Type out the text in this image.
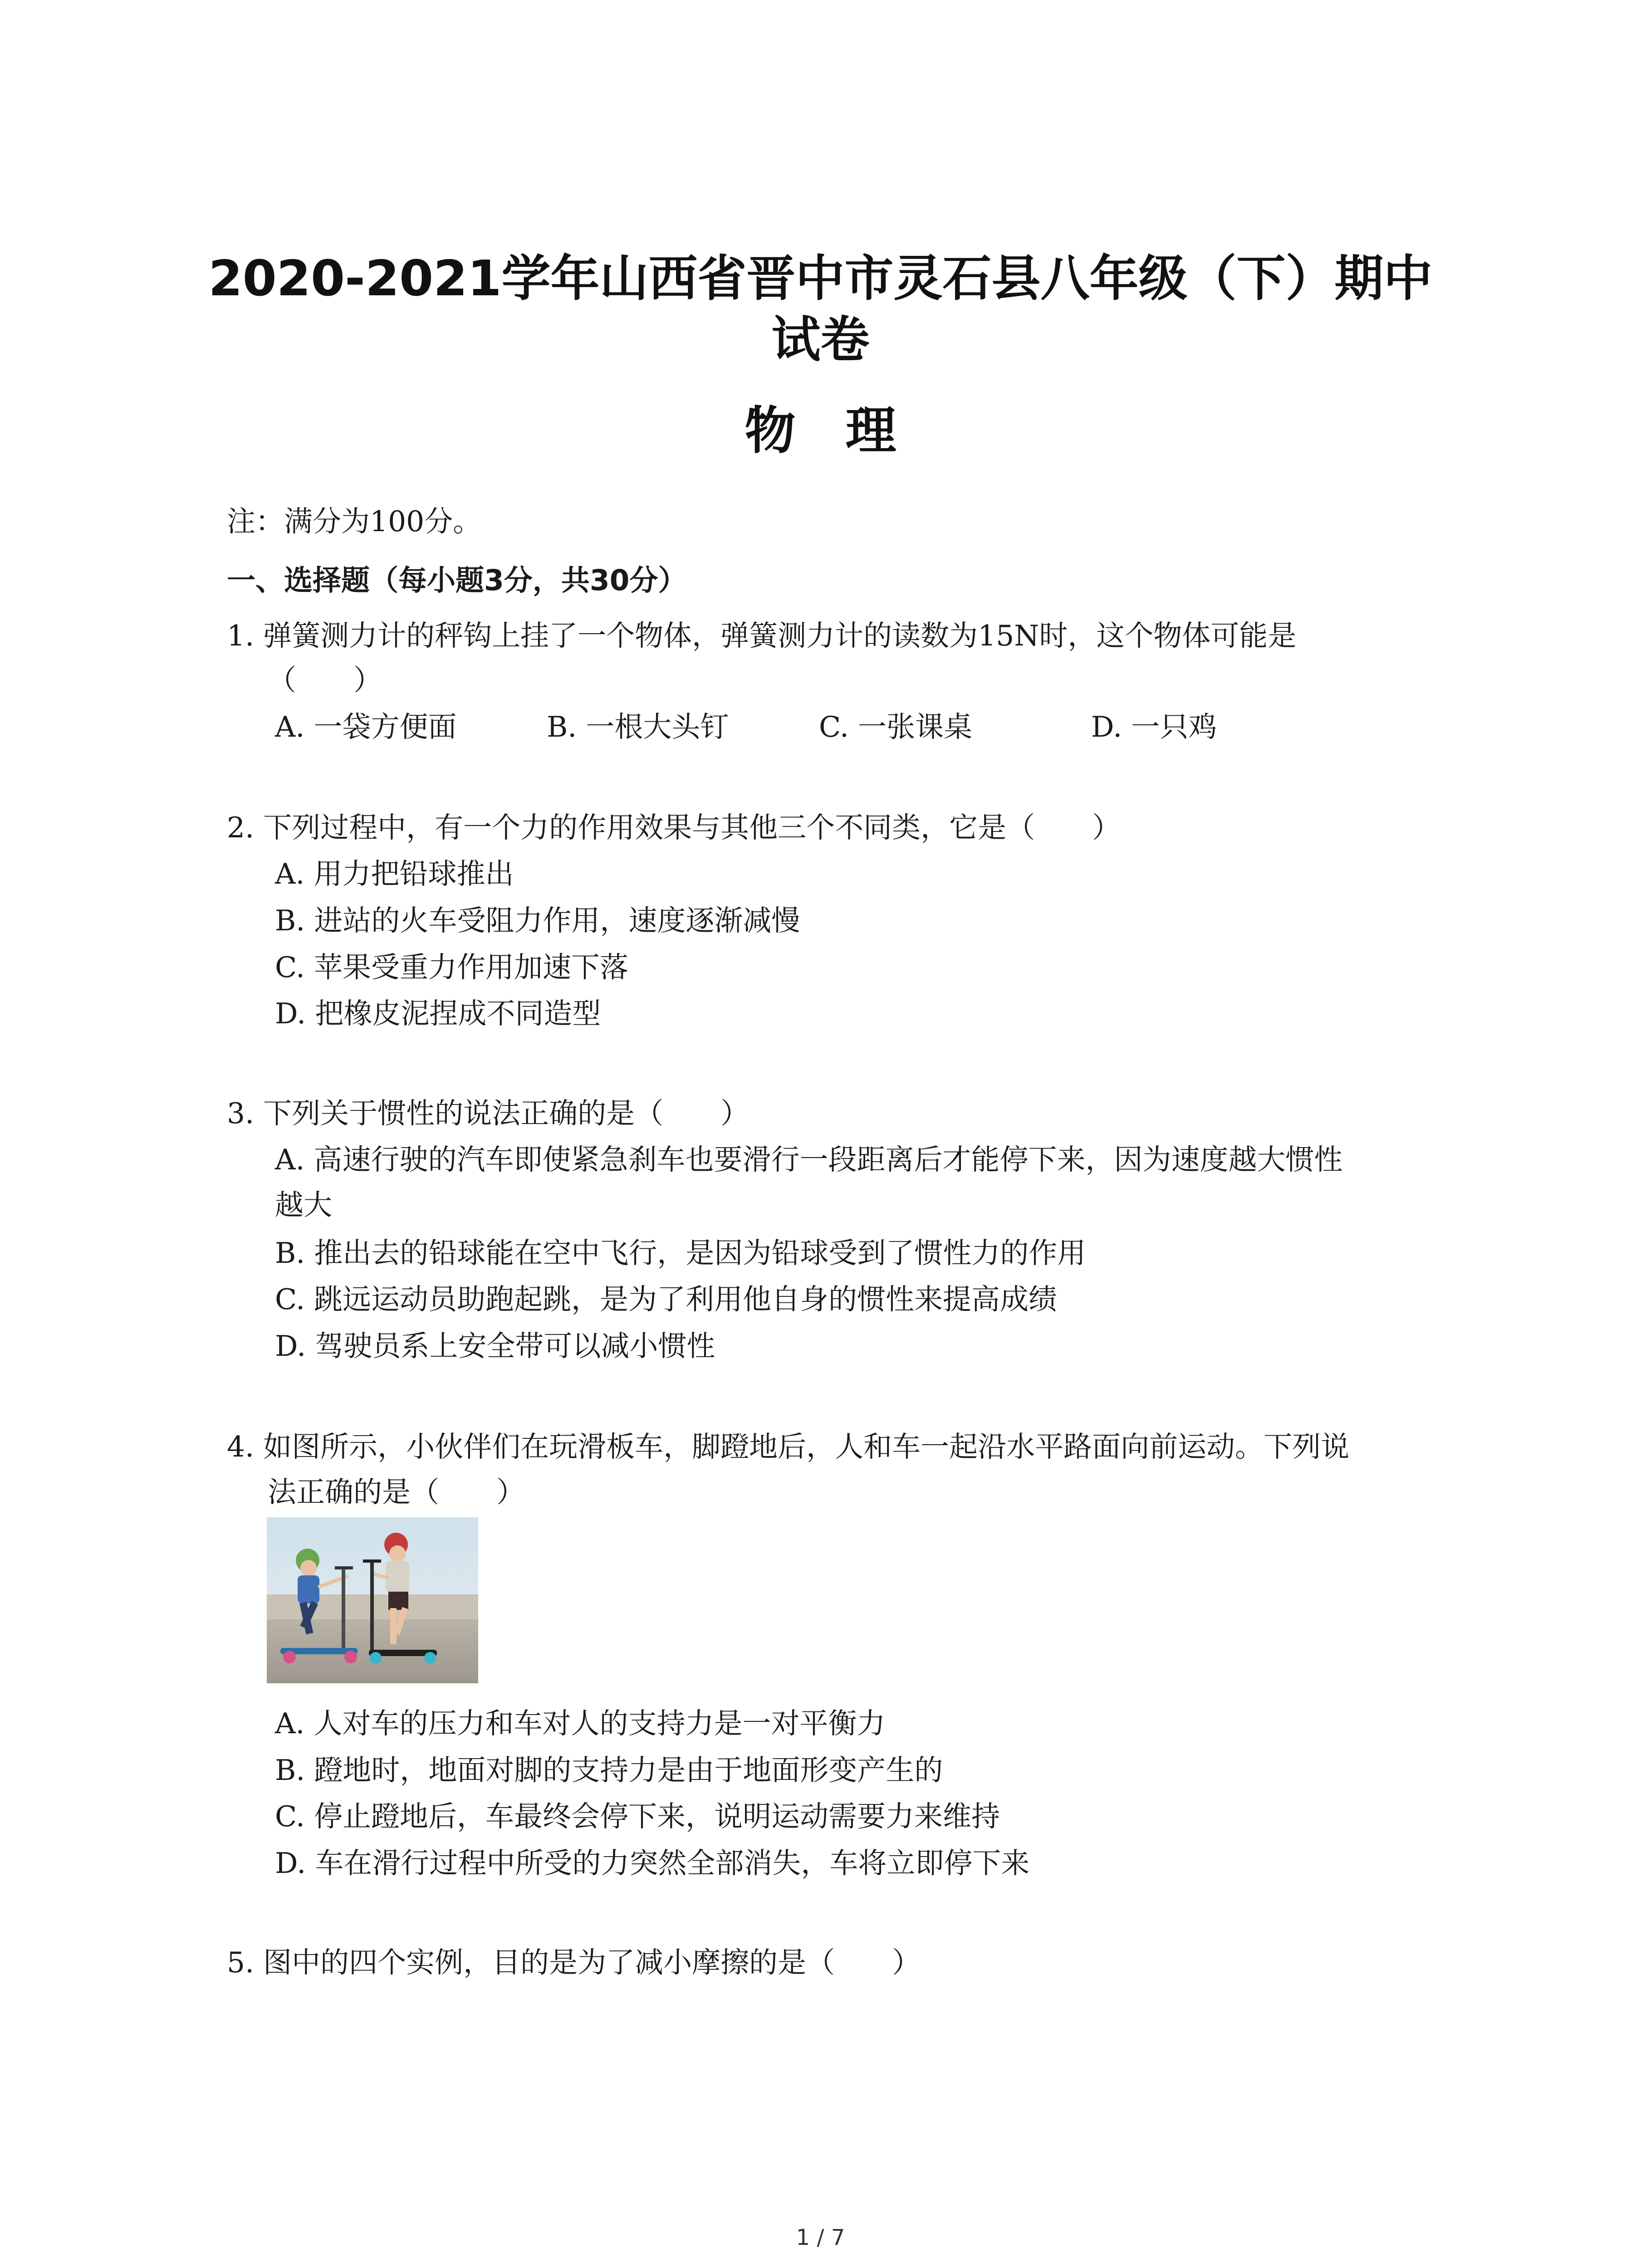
2020-2021学年山西省晋中市灵石县八年级（下）期中
试卷
物理
注：满分为100分。
一、选择题（每小题3分，共30分）
1. 弹簧测力计的秤钩上挂了一个物体，弹簧测力计的读数为15N时，这个物体可能是
（　　）
A. 一袋方便面	B. 一根大头钉	C. 一张课桌	D. 一只鸡
2. 下列过程中，有一个力的作用效果与其他三个不同类，它是（　　）
A. 用力把铅球推出
B. 进站的火车受阻力作用，速度逐渐减慢
C. 苹果受重力作用加速下落
D. 把橡皮泥捏成不同造型
3. 下列关于惯性的说法正确的是（　　）
A. 高速行驶的汽车即使紧急刹车也要滑行一段距离后才能停下来，因为速度越大惯性
越大
B. 推出去的铅球能在空中飞行，是因为铅球受到了惯性力的作用
C. 跳远运动员助跑起跳，是为了利用他自身的惯性来提高成绩
D. 驾驶员系上安全带可以减小惯性
4. 如图所示，小伙伴们在玩滑板车，脚蹬地后，人和车一起沿水平路面向前运动。下列说
法正确的是（　　）
A. 人对车的压力和车对人的支持力是一对平衡力
B. 蹬地时，地面对脚的支持力是由于地面形变产生的
C. 停止蹬地后，车最终会停下来，说明运动需要力来维持
D. 车在滑行过程中所受的力突然全部消失，车将立即停下来
5. 图中的四个实例，目的是为了减小摩擦的是（　　）
1 / 7
